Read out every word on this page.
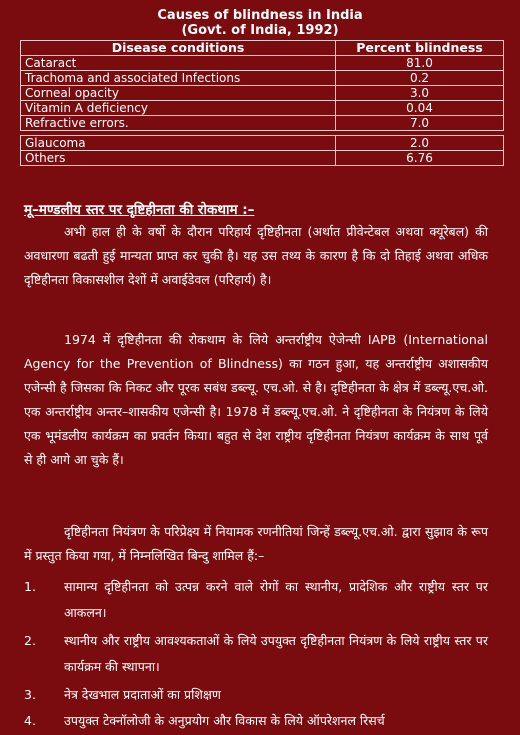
Causes of blindness in India
(Govt. of India, 1992)
Disease conditions	Percent blindness
Cataract	81.0
Trachoma and associated Infections	0.2
Corneal opacity	3.0
Vitamin A deficiency	0.04
Refractive errors.	7.0
Glaucoma	2.0
Others	6.76
मू–मण्डलीय स्तर पर दृष्टिहीनता की रोकथाम :–
अभी हाल ही के वर्षो के दौरान परिहार्य दृष्टिहीनता (अर्थात प्रीवेन्टेबल अथवा क्यूरेबल) की अवधारणा बढती हुई मान्यता प्राप्त कर चुकी है। यह उस तथ्य के कारण है कि दो तिहाई अथवा अधिक दृष्टिहीनता विकासशील देशों में अवाईडेवल (परिहार्य) है।
1974 में दृष्टिहीनता की रोकथाम के लिये अन्तर्राष्ट्रीय ऐजेन्सी IAPB (International Agency for the Prevention of Blindness) का गठन हुआ, यह अन्तर्राष्ट्रीय अशासकीय एजेन्सी है जिसका कि निकट और पूरक सबंध डब्ल्यू. एच.ओ. से है। दृष्टिहीनता के क्षेत्र में डब्ल्यू.एच.ओ. एक अन्तर्राष्ट्रीय अन्तर–शासकीय एजेन्सी है। 1978 में डब्ल्यू.एच.ओ. ने दृष्टिहीनता के नियंत्रण के लिये एक भूमंडलीय कार्यक्रम का प्रवर्तन किया। बहुत से देश राष्ट्रीय दृष्टिहीनता नियंत्रण कार्यक्रम के साथ पूर्व से ही आगे आ चुके हैं।
दृष्टिहीनता नियंत्रण के परिप्रेक्ष्य में नियामक रणनीतियां जिन्हें डब्ल्यू.एच.ओ. द्वारा सुझाव के रूप में प्रस्तुत किया गया, में निम्नलिखित बिन्दु शामिल हैं:–
1. सामान्य दृष्टिहीनता को उत्पन्न करने वाले रोगों का स्थानीय, प्रादेशिक और राष्ट्रीय स्तर पर आकलन।
2. स्थानीय और राष्ट्रीय आवश्यकताओं के लिये उपयुक्त दृष्टिहीनता नियंत्रण के लिये राष्ट्रीय स्तर पर कार्यक्रम की स्थापना।
3. नेत्र देखभाल प्रदाताओं का प्रशिक्षण
4. उपयुक्त टेक्नॉलोजी के अनुप्रयोग और विकास के लिये ऑपरेशनल रिसर्च
